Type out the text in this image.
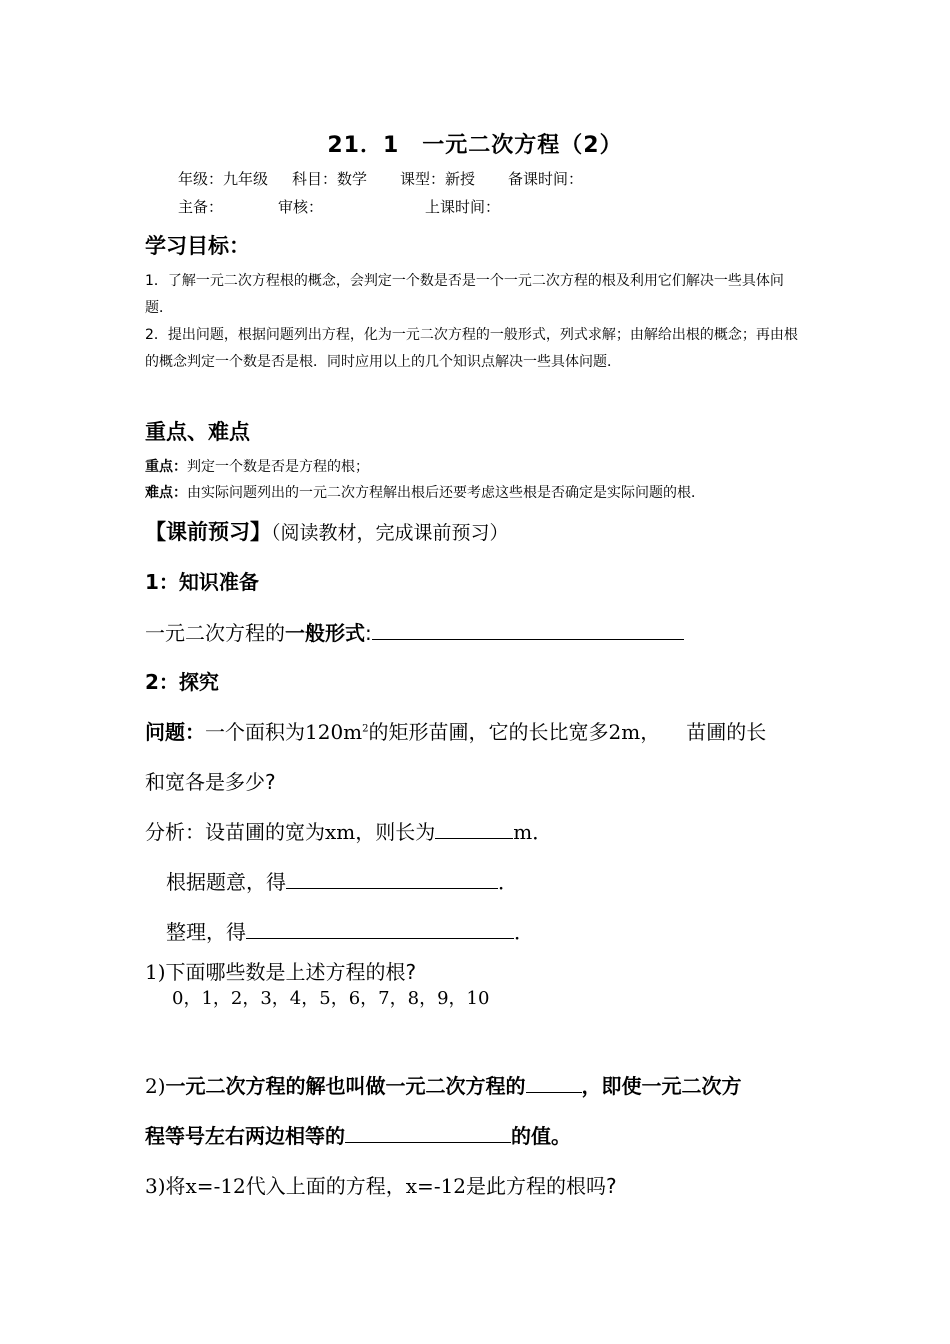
21．1　一元二次方程（2）
年级：九年级 科目：数学 课型：新授 备课时间：
主备：	审核：	上课时间：
学习目标：
1．了解一元二次方程根的概念，会判定一个数是否是一个一元二次方程的根及利用它们解决一些具体问题．
2．提出问题，根据问题列出方程，化为一元二次方程的一般形式，列式求解；由解给出根的概念；再由根的概念判定一个数是否是根．同时应用以上的几个知识点解决一些具体问题．
重点、难点
重点：判定一个数是否是方程的根；
难点：由实际问题列出的一元二次方程解出根后还要考虑这些根是否确定是实际问题的根．
【课前预习】（阅读教材，完成课前预习）
1：知识准备
一元二次方程的一般形式:
2：探究
问题：一个面积为$120m^2$的矩形苗圃，它的长比宽多2m， 苗圃的长
和宽各是多少?
分析：设苗圃的宽为xm，则长为	m．
根据题意，得	．
整理，得	．
1)下面哪些数是上述方程的根?
0，1，2，3，4，5，6，7，8，9，10
2)一元二次方程的解也叫做一元二次方程的	，即使一元二次方
程等号左右两边相等的	的值。
3)将x=-12代入上面的方程，x=-12是此方程的根吗?
